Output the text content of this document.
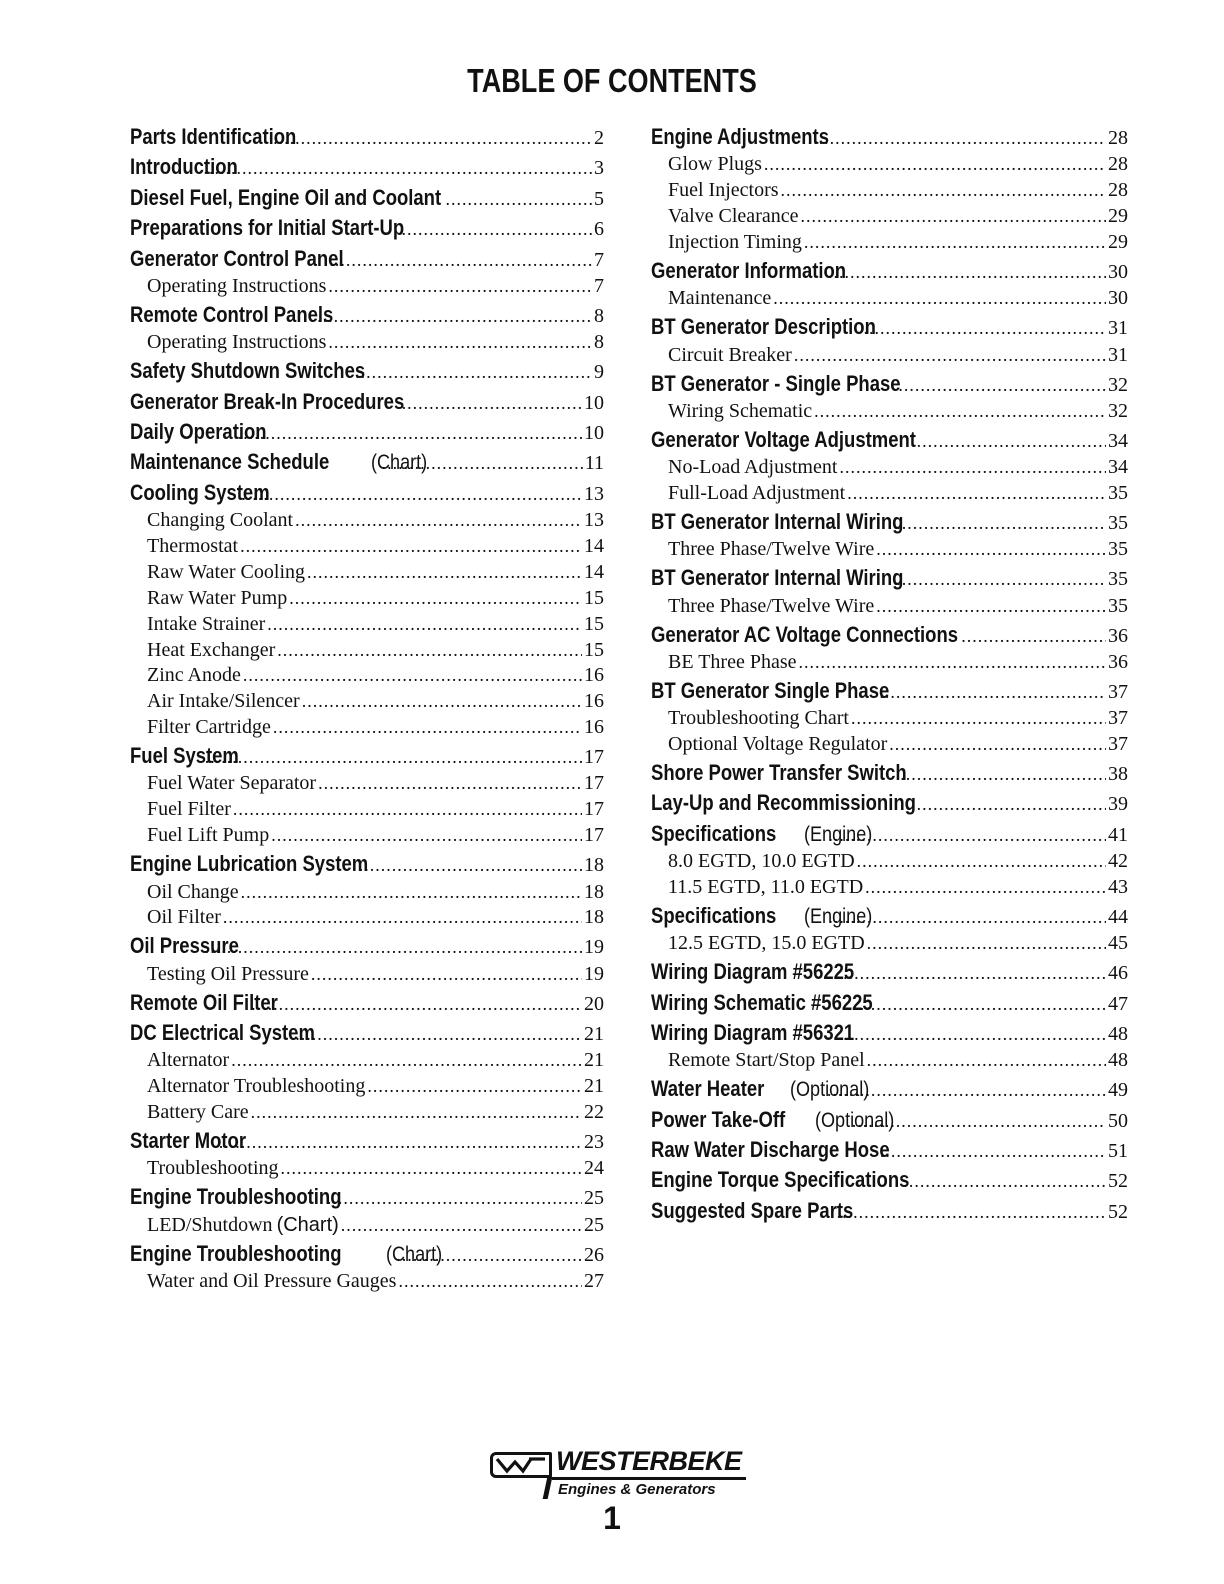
TABLE OF CONTENTS
Parts Identification .....	2
Introduction .....	3
Diesel Fuel, Engine Oil and Coolant .....	5
Preparations for Initial Start-Up .....	6
Generator Control Panel .....	7
Operating Instructions .....	7
Remote Control Panels .....	8
Operating Instructions .....	8
Safety Shutdown Switches .....	9
Generator Break-In Procedures .....	10
Daily Operation .....	10
Maintenance Schedule (Chart) .....	11
Cooling System .....	13
Changing Coolant .....	13
Thermostat .....	14
Raw Water Cooling .....	14
Raw Water Pump .....	15
Intake Strainer .....	15
Heat Exchanger .....	15
Zinc Anode .....	16
Air Intake/Silencer .....	16
Filter Cartridge .....	16
Fuel System .....	17
Fuel Water Separator .....	17
Fuel Filter .....	17
Fuel Lift Pump .....	17
Engine Lubrication System .....	18
Oil Change .....	18
Oil Filter .....	18
Oil Pressure .....	19
Testing Oil Pressure .....	19
Remote Oil Filter .....	20
DC Electrical System .....	21
Alternator .....	21
Alternator Troubleshooting .....	21
Battery Care .....	22
Starter Motor .....	23
Troubleshooting .....	24
Engine Troubleshooting .....	25
LED/Shutdown (Chart) .....	25
Engine Troubleshooting (Chart) .....	26
Water and Oil Pressure Gauges .....	27
Engine Adjustments .....	28
Glow Plugs .....	28
Fuel Injectors .....	28
Valve Clearance .....	29
Injection Timing .....	29
Generator Information .....	30
Maintenance .....	30
BT Generator Description .....	31
Circuit Breaker .....	31
BT Generator - Single Phase .....	32
Wiring Schematic .....	32
Generator Voltage Adjustment .....	34
No-Load Adjustment .....	34
Full-Load Adjustment .....	35
BT Generator Internal Wiring .....	35
Three Phase/Twelve Wire .....	35
BT Generator Internal Wiring .....	35
Three Phase/Twelve Wire .....	35
Generator AC Voltage Connections .....	36
BE Three Phase .....	36
BT Generator Single Phase .....	37
Troubleshooting Chart .....	37
Optional Voltage Regulator .....	37
Shore Power Transfer Switch .....	38
Lay-Up and Recommissioning .....	39
Specifications (Engine) .....	41
8.0 EGTD, 10.0 EGTD .....	42
11.5 EGTD, 11.0 EGTD .....	43
Specifications (Engine) .....	44
12.5 EGTD, 15.0 EGTD .....	45
Wiring Diagram #56225 .....	46
Wiring Schematic #56225 .....	47
Wiring Diagram #56321 .....	48
Remote Start/Stop Panel .....	48
Water Heater (Optional) .....	49
Power Take-Off (Optional) .....	50
Raw Water Discharge Hose .....	51
Engine Torque Specifications .....	52
Suggested Spare Parts .....	52
WESTERBEKE
Engines & Generators
1
